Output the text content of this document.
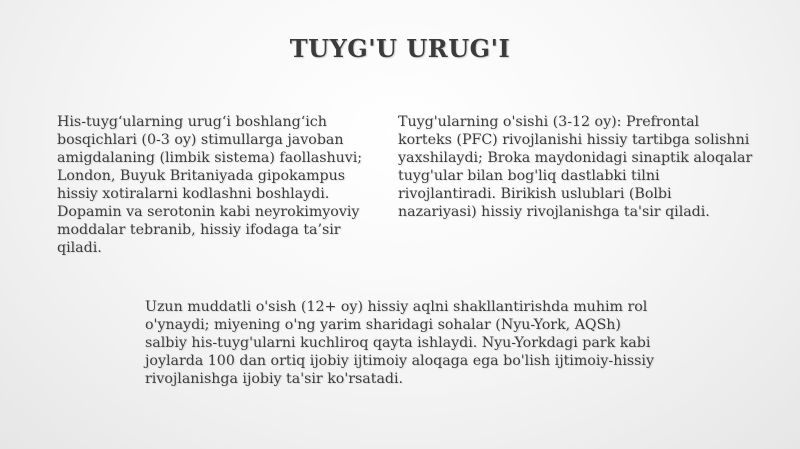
TUYG'U URUG'I
His-tuyg‘ularning urug‘i boshlang‘ich bosqichlari (0-3 oy) stimullarga javoban amigdalaning (limbik sistema) faollashuvi; London, Buyuk Britaniyada gipokampus hissiy xotiralarni kodlashni boshlaydi. Dopamin va serotonin kabi neyrokimyoviy moddalar tebranib, hissiy ifodaga ta’sir qiladi.
Tuyg'ularning o'sishi (3-12 oy): Prefrontal korteks (PFC) rivojlanishi hissiy tartibga solishni yaxshilaydi; Broka maydonidagi sinaptik aloqalar tuyg'ular bilan bog'liq dastlabki tilni rivojlantiradi. Birikish uslublari (Bolbi nazariyasi) hissiy rivojlanishga ta'sir qiladi.
Uzun muddatli o'sish (12+ oy) hissiy aqlni shakllantirishda muhim rol o'ynaydi; miyening o'ng yarim sharidagi sohalar (Nyu-York, AQSh) salbiy his-tuyg'ularni kuchliroq qayta ishlaydi. Nyu-Yorkdagi park kabi joylarda 100 dan ortiq ijobiy ijtimoiy aloqaga ega bo'lish ijtimoiy-hissiy rivojlanishga ijobiy ta'sir ko'rsatadi.
